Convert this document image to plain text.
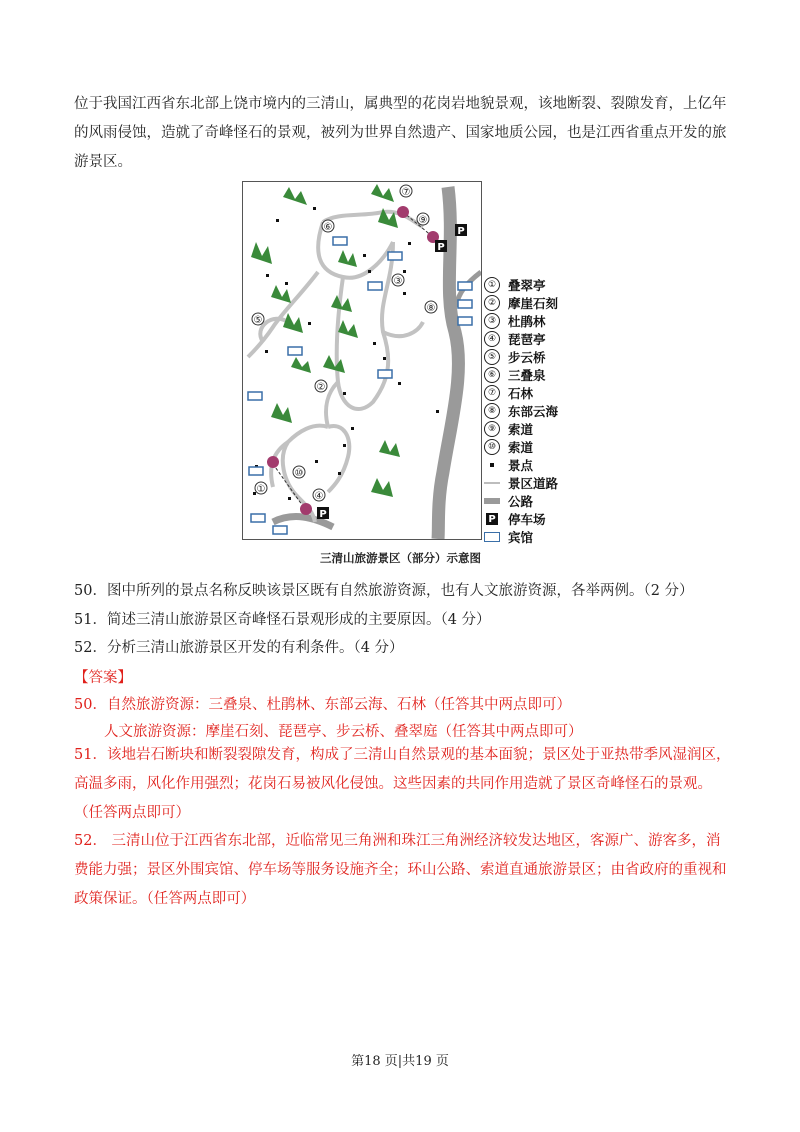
位于我国江西省东北部上饶市境内的三清山，属典型的花岗岩地貌景观，该地断裂、裂隙发育，上亿年的风雨侵蚀，造就了奇峰怪石的景观，被列为世界自然遗产、国家地质公园，也是江西省重点开发的旅游景区。
P
P
P
①
②
③
④
⑤
⑥
⑦
⑧
⑨
⑩
① 叠翠亭
② 摩崖石刻
③ 杜鹃林
④ 琵琶亭
⑤ 步云桥
⑥ 三叠泉
⑦ 石林
⑧ 东部云海
⑨ 索道
⑩ 索道
景点
景区道路
公路
P 停车场
宾馆
三清山旅游景区（部分）示意图
50．图中所列的景点名称反映该景区既有自然旅游资源，也有人文旅游资源，各举两例。（2 分）
51．简述三清山旅游景区奇峰怪石景观形成的主要原因。（4 分）
52．分析三清山旅游景区开发的有利条件。（4 分）
【答案】
50．自然旅游资源：三叠泉、杜鹃林、东部云海、石林（任答其中两点即可）
人文旅游资源：摩崖石刻、琵琶亭、步云桥、叠翠庭（任答其中两点即可）
51．该地岩石断块和断裂裂隙发育，构成了三清山自然景观的基本面貌；景区处于亚热带季风湿润区，高温多雨，风化作用强烈；花岗石易被风化侵蚀。这些因素的共同作用造就了景区奇峰怪石的景观。（任答两点即可）
52． 三清山位于江西省东北部，近临常见三角洲和珠江三角洲经济较发达地区，客源广、游客多，消费能力强；景区外围宾馆、停车场等服务设施齐全；环山公路、索道直通旅游景区；由省政府的重视和政策保证。（任答两点即可）
第18 页|共19 页
